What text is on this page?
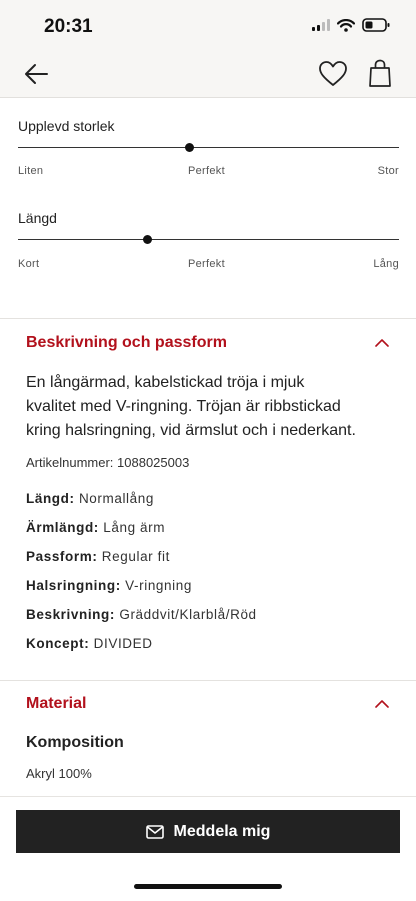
20:31
Upplevd storlek
Liten	Perfekt	Stor
Längd
Kort	Perfekt	Lång
Beskrivning och passform
En långärmad, kabelstickad tröja i mjuk
kvalitet med V-ringning. Tröjan är ribbstickad
kring halsringning, vid ärmslut och i nederkant.
Artikelnummer: 1088025003
Längd: Normallång
Ärmlängd: Lång ärm
Passform: Regular fit
Halsringning: V-ringning
Beskrivning: Gräddvit/Klarblå/Röd
Koncept: DIVIDED
Material
Komposition
Akryl 100%
Meddela mig
